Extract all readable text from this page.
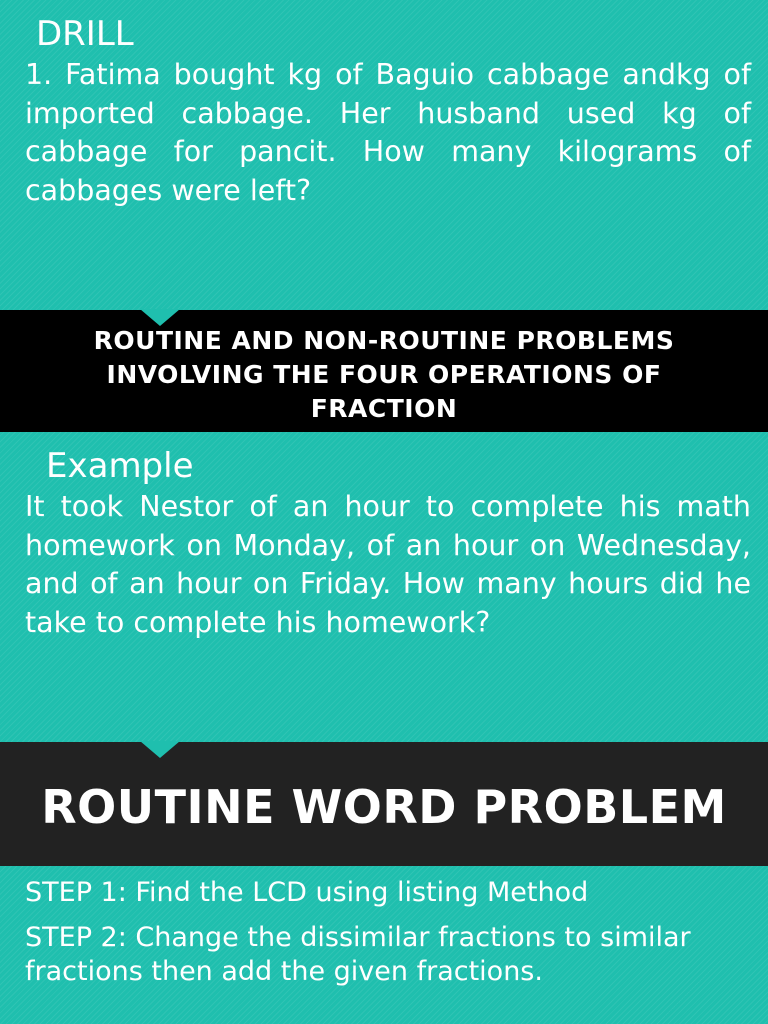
DRILL
1. Fatima bought kg of Baguio cabbage andkg of imported cabbage. Her husband used kg of cabbage for pancit. How many kilograms of cabbages were left?
ROUTINE AND NON-ROUTINE PROBLEMS INVOLVING THE FOUR OPERATIONS OF FRACTION
Example
It took Nestor of an hour to complete his math homework on Monday, of an hour on Wednesday, and of an hour on Friday. How many hours did he take to complete his homework?
ROUTINE WORD PROBLEM
STEP 1: Find the LCD using listing Method
STEP 2: Change the dissimilar fractions to similar fractions then add the given fractions.
